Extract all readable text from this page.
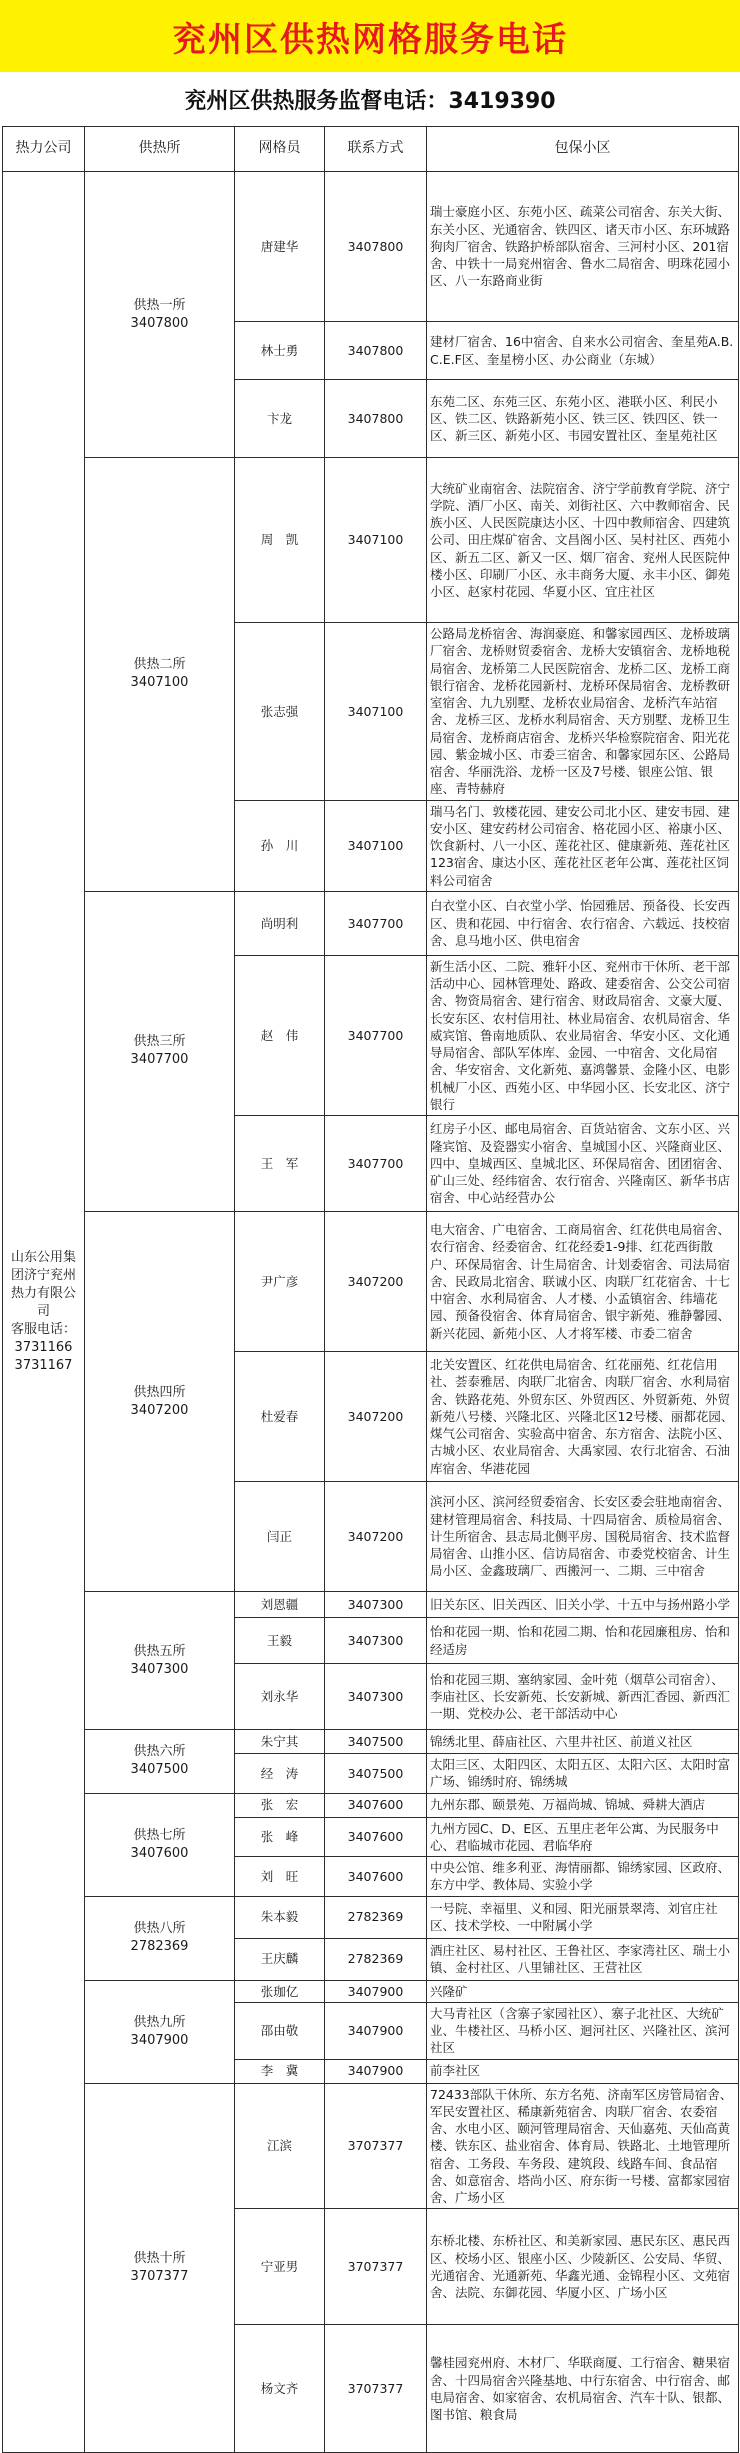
兖州区供热网格服务电话
兖州区供热服务监督电话：3419390
热力公司	供热所	网格员	联系方式	包保小区

山东公用集团济宁兖州热力有限公司
客服电话：
3731166
3731167	供热一所
3407800	唐建华	3407800	瑞士豪庭小区、东苑小区、疏菜公司宿舍、东关大街、东关小区、光通宿舍、铁四区、诸天市小区、东环城路狗肉厂宿舍、铁路护桥部队宿舍、三河村小区、201宿舍、中铁十一局兖州宿舍、鲁水二局宿舍、明珠花园小区、八一东路商业街
		林士勇	3407800	建材厂宿舍、16中宿舍、自来水公司宿舍、奎星苑A.B.C.E.F区、奎星榜小区、办公商业（东城）
		卞龙	3407800	东苑二区、东苑三区、东苑小区、港联小区、利民小区、铁二区、铁路新苑小区、铁三区、铁四区、铁一区、新三区、新苑小区、韦园安置社区、奎星苑社区

	供热二所
3407100	周　凯	3407100	大统矿业南宿舍、法院宿舍、济宁学前教育学院、济宁学院、酒厂小区、南关、刘街社区、六中教师宿舍、民族小区、人民医院康达小区、十四中教师宿舍、四建筑公司、田庄煤矿宿舍、文昌阁小区、吴村社区、西苑小区、新五二区、新又一区、烟厂宿舍、兖州人民医院仲楼小区、印刷厂小区、永丰商务大厦、永丰小区、御苑小区、赵家村花园、华夏小区、宜庄社区
		张志强	3407100	公路局龙桥宿舍、海润豪庭、和馨家园西区、龙桥玻璃厂宿舍、龙桥财贸委宿舍、龙桥大安镇宿舍、龙桥地税局宿舍、龙桥第二人民医院宿舍、龙桥二区、龙桥工商银行宿舍、龙桥花园新村、龙桥环保局宿舍、龙桥教研室宿舍、九九别墅、龙桥农业局宿舍、龙桥汽车站宿舍、龙桥三区、龙桥水利局宿舍、天方别墅、龙桥卫生局宿舍、龙桥商店宿舍、龙桥兴华检察院宿舍、阳光花园、紫金城小区、市委三宿舍、和馨家园东区、公路局宿舍、华丽洗浴、龙桥一区及7号楼、银座公馆、银座、青特赫府
		孙　川	3407100	瑞马名门、敦楼花园、建安公司北小区、建安韦园、建安小区、建安药材公司宿舍、格花园小区、裕康小区、饮食新村、八一小区、莲花社区、健康新苑、莲花社区123宿舍、康达小区、莲花社区老年公寓、莲花社区饲料公司宿舍

	供热三所
3407700	尚明利	3407700	白衣堂小区、白衣堂小学、怡园雅居、预备役、长安西区、贵和花园、中行宿舍、农行宿舍、六载远、技校宿舍、息马地小区、供电宿舍
		赵　伟	3407700	新生活小区、二院、雅轩小区、兖州市干休所、老干部活动中心、园林管理处、路政、建委宿舍、公交公司宿舍、物资局宿舍、建行宿舍、财政局宿舍、文豪大厦、长安东区、农村信用社、林业局宿舍、农机局宿舍、华威宾馆、鲁南地质队、农业局宿舍、华安小区、文化通导局宿舍、部队军体库、金园、一中宿舍、文化局宿舍、华安宿舍、文化新苑、嘉鸿馨景、金隆小区、电影机械厂小区、西苑小区、中华园小区、长安北区、济宁银行
		王　军	3407700	红房子小区、邮电局宿舍、百货站宿舍、文东小区、兴隆宾馆、及瓷器实小宿舍、皇城国小区、兴隆商业区、四中、皇城西区、皇城北区、环保局宿舍、团团宿舍、矿山三处、经纬宿舍、农行宿舍、兴隆南区、新华书店宿舍、中心站经营办公

	供热四所
3407200	尹广彦	3407200	电大宿舍、广电宿舍、工商局宿舍、红花供电局宿舍、农行宿舍、经委宿舍、红花经委1-9排、红花西街散户、环保局宿舍、计生局宿舍、计划委宿舍、司法局宿舍、民政局北宿舍、联诚小区、肉联厂红花宿舍、十七中宿舍、水利局宿舍、人才楼、小孟镇宿舍、纬墙花园、预备役宿舍、体育局宿舍、银宇新苑、雅静馨园、新兴花园、新苑小区、人才将军楼、市委二宿舍
		杜爱春	3407200	北关安置区、红花供电局宿舍、红花丽苑、红花信用社、荟泰雅居、肉联厂北宿舍、肉联厂宿舍、水利局宿舍、铁路花苑、外贸东区、外贸西区、外贸新苑、外贸新苑八号楼、兴隆北区、兴隆北区12号楼、丽都花园、煤气公司宿舍、实验高中宿舍、东方宿舍、法院小区、古城小区、农业局宿舍、大禹家园、农行北宿舍、石油库宿舍、华港花园
		闫正	3407200	滨河小区、滨河经贸委宿舍、长安区委会驻地南宿舍、建材管理局宿舍、科技局、十四局宿舍、质检局宿舍、计生所宿舍、县志局北侧平房、国税局宿舍、技术监督局宿舍、山推小区、信访局宿舍、市委党校宿舍、计生局小区、金鑫玻璃厂、西搬河一、二期、三中宿舍

	供热五所
3407300	刘恩疆	3407300	旧关东区、旧关西区、旧关小学、十五中与扬州路小学
		王毅	3407300	怡和花园一期、怡和花园二期、怡和花园廉租房、怡和经适房
		刘永华	3407300	怡和花园三期、塞纳家园、金叶苑（烟草公司宿舍）、李庙社区、长安新苑、长安新城、新西汇香园、新西汇一期、党校办公、老干部活动中心

	供热六所
3407500	朱宁其	3407500	锦绣北里、薛庙社区、六里井社区、前道义社区
		经　涛	3407500	太阳三区、太阳四区、太阳五区、太阳六区、太阳时富广场、锦绣时府、锦绣城

	供热七所
3407600	张　宏	3407600	九州东郡、颐景苑、万福尚城、锦城、舜耕大酒店
		张　峰	3407600	九州方园C、D、E区、五里庄老年公寓、为民服务中心、君临城市花园、君临华府
		刘　旺	3407600	中央公馆、维多利亚、海情丽都、锦绣家园、区政府、东方中学、教体局、实验小学

	供热八所
2782369	朱本毅	2782369	一号院、幸福里、义和园、阳光丽景翠湾、刘官庄社区、技术学校、一中附属小学
		王庆麟	2782369	酒庄社区、易村社区、王鲁社区、李家湾社区、瑞士小镇、金村社区、八里铺社区、王营社区

	供热九所
3407900	张珈亿	3407900	兴隆矿
		邵由敬	3407900	大马青社区（含寨子家园社区）、寨子北社区、大统矿业、牛楼社区、马桥小区、迴河社区、兴隆社区、滨河社区
		李　冀	3407900	前李社区

	供热十所
3707377	江滨	3707377	72433部队干休所、东方名苑、济南军区房管局宿舍、军民安置社区、稀康新苑宿舍、肉联厂宿舍、农委宿舍、水电小区、颐河管理局宿舍、天仙嘉苑、天仙高黄楼、铁东区、盐业宿舍、体育局、铁路北、土地管理所宿舍、工务段、车务段、建筑段、线路车间、食品宿舍、如意宿舍、塔尚小区、府东街一号楼、富都家园宿舍、广场小区
		宁亚男	3707377	东桥北楼、东桥社区、和美新家园、惠民东区、惠民西区、校场小区、银座小区、少陵新区、公安局、华贸、光通宿舍、光通新苑、华鑫光通、金锦程小区、文苑宿舍、法院、东御花园、华厦小区、广场小区
		杨文齐	3707377	馨桂园兖州府、木材厂、华联商厦、工行宿舍、糖果宿舍、十四局宿舍兴隆基地、中行东宿舍、中行宿舍、邮电局宿舍、如家宿舍、农机局宿舍、汽车十队、银都、图书馆、粮食局
